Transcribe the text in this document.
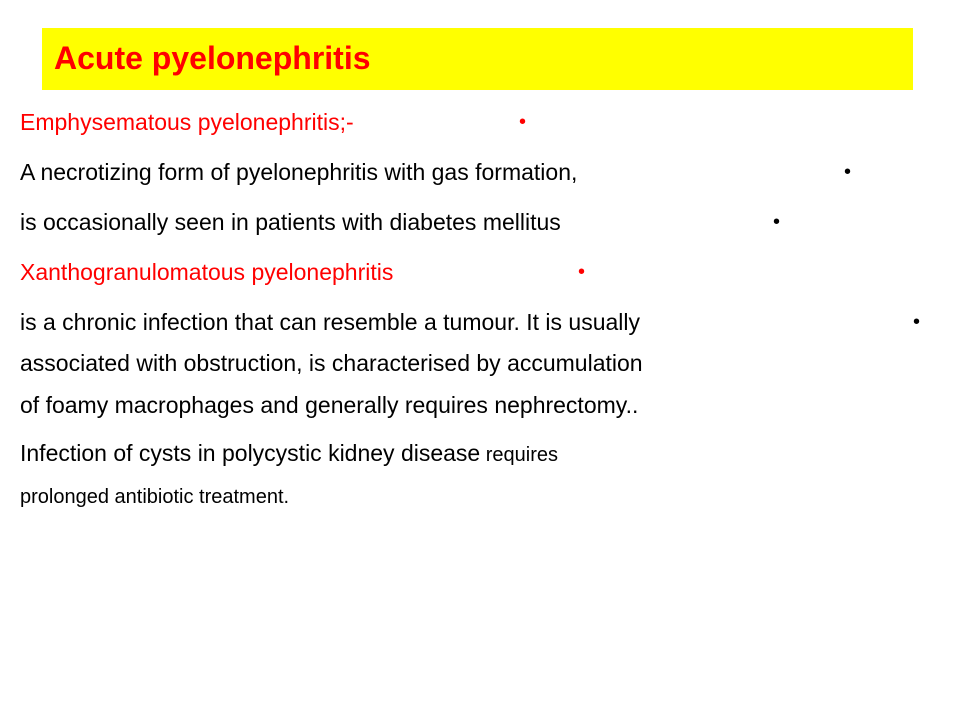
Acute pyelonephritis
Emphysematous pyelonephritis;-	•
A necrotizing form of pyelonephritis with gas formation,	•
is occasionally seen in patients with diabetes mellitus	•
Xanthogranulomatous pyelonephritis	•
is a chronic infection that can resemble a tumour. It is usually	•
associated with obstruction, is characterised by accumulation
of foamy macrophages and generally requires nephrectomy..
Infection of cysts in polycystic kidney disease requires
prolonged antibiotic treatment.
